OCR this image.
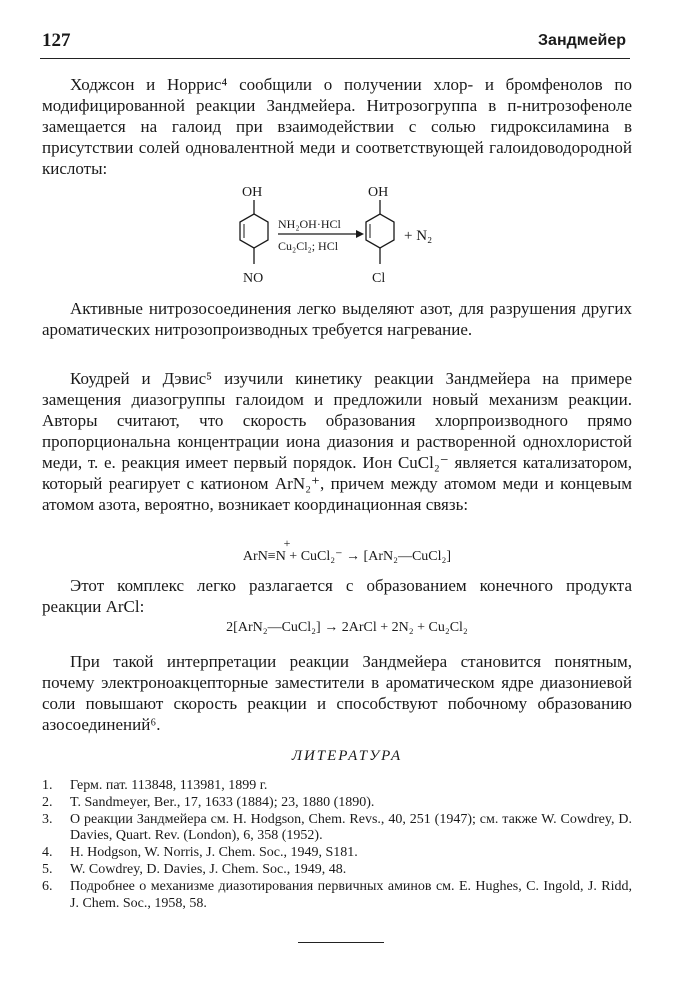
127	Зандмейер

Ходжсон и Норрис⁴ сообщили о получении хлор- и бромфенолов по модифицированной реакции Зандмейера. Нитрозогруппа в п-нитрозофеноле замещается на галоид при взаимодействии с солью гидроксиламина в присутствии солей одновалентной меди и соответствующей галоидоводородной кислоты:

OH
NO
NH₂OH·HCl
Cu₂Cl₂; HCl
OH
Cl
+ N₂

Активные нитрозосоединения легко выделяют азот, для разрушения других ароматических нитрозопроизводных требуется нагревание.

Коудрей и Дэвис⁵ изучили кинетику реакции Зандмейера на примере замещения диазогруппы галоидом и предложили новый механизм реакции. Авторы считают, что скорость образования хлорпроизводного прямо пропорциональна концентрации иона диазония и растворенной однохлористой меди, т. е. реакция имеет первый порядок. Ион CuCl₂⁻ является катализатором, который реагирует с катионом ArN₂⁺, причем между атомом меди и концевым атомом азота, вероятно, возникает координационная связь:

+
ArN≡N + CuCl₂⁻ → [ArN₂—CuCl₂]

Этот комплекс легко разлагается с образованием конечного продукта реакции ArCl:

2[ArN₂—CuCl₂] → 2ArCl + 2N₂ + Cu₂Cl₂

При такой интерпретации реакции Зандмейера становится понятным, почему электроноакцепторные заместители в ароматическом ядре диазониевой соли повышают скорость реакции и способствуют побочному образованию азосоединений⁶.

ЛИТЕРАТУРА
1. Герм. пат. 113848, 113981, 1899 г.
2. T. Sandmeyer, Ber., 17, 1633 (1884); 23, 1880 (1890).
3. О реакции Зандмейера см. H. Hodgson, Chem. Revs., 40, 251 (1947); см. также W. Cowdrey, D. Davies, Quart. Rev. (London), 6, 358 (1952).
4. H. Hodgson, W. Norris, J. Chem. Soc., 1949, S181.
5. W. Cowdrey, D. Davies, J. Chem. Soc., 1949, 48.
6. Подробнее о механизме диазотирования первичных аминов см. E. Hughes, C. Ingold, J. Ridd, J. Chem. Soc., 1958, 58.
